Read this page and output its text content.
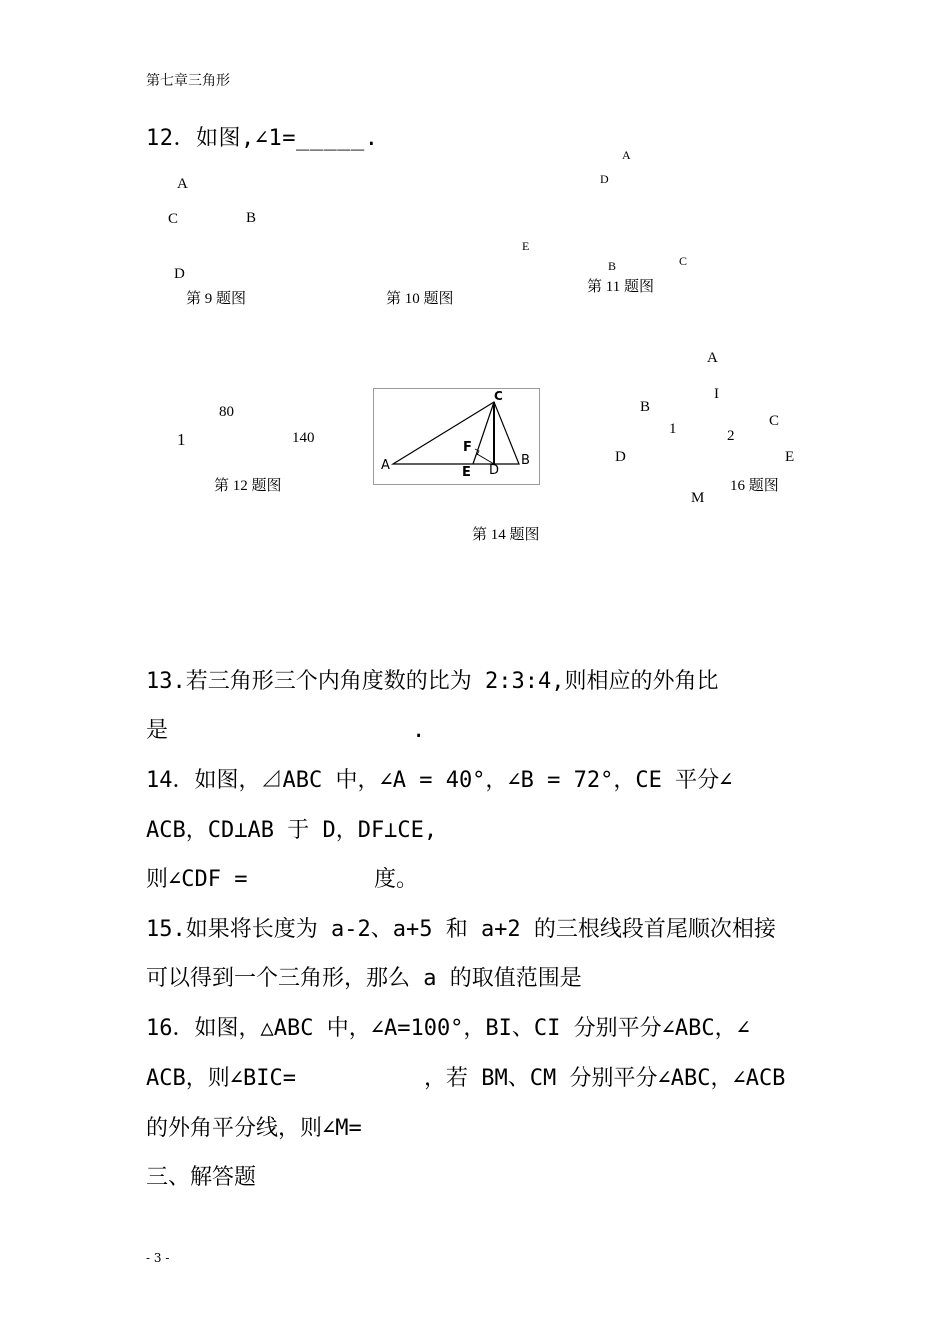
第七章三角形
12．如图,∠1=_____.
A
C	B
D
第 9 题图	第 10 题图
A
D
E
B	C
第 11 题图
80
1	140
第 12 题图
C
F
A	E D
B
第 14 题图
A
I
B
C
1	2
D	E
M
16 题图
13.若三角形三个内角度数的比为 2:3:4,则相应的外角比
是	.
14．如图，⊿ABC 中，∠A = 40°，∠B = 72°，CE 平分∠
ACB，CD⊥AB 于 D，DF⊥CE,
则∠CDF =	度。
15.如果将长度为 a-2、a+5 和 a+2 的三根线段首尾顺次相接
可以得到一个三角形，那么 a 的取值范围是
16．如图，△ABC 中，∠A=100°，BI、CI 分别平分∠ABC，∠
ACB，则∠BIC=	，若 BM、CM 分别平分∠ABC，∠ACB
的外角平分线，则∠M=
三、解答题
- 3 -
